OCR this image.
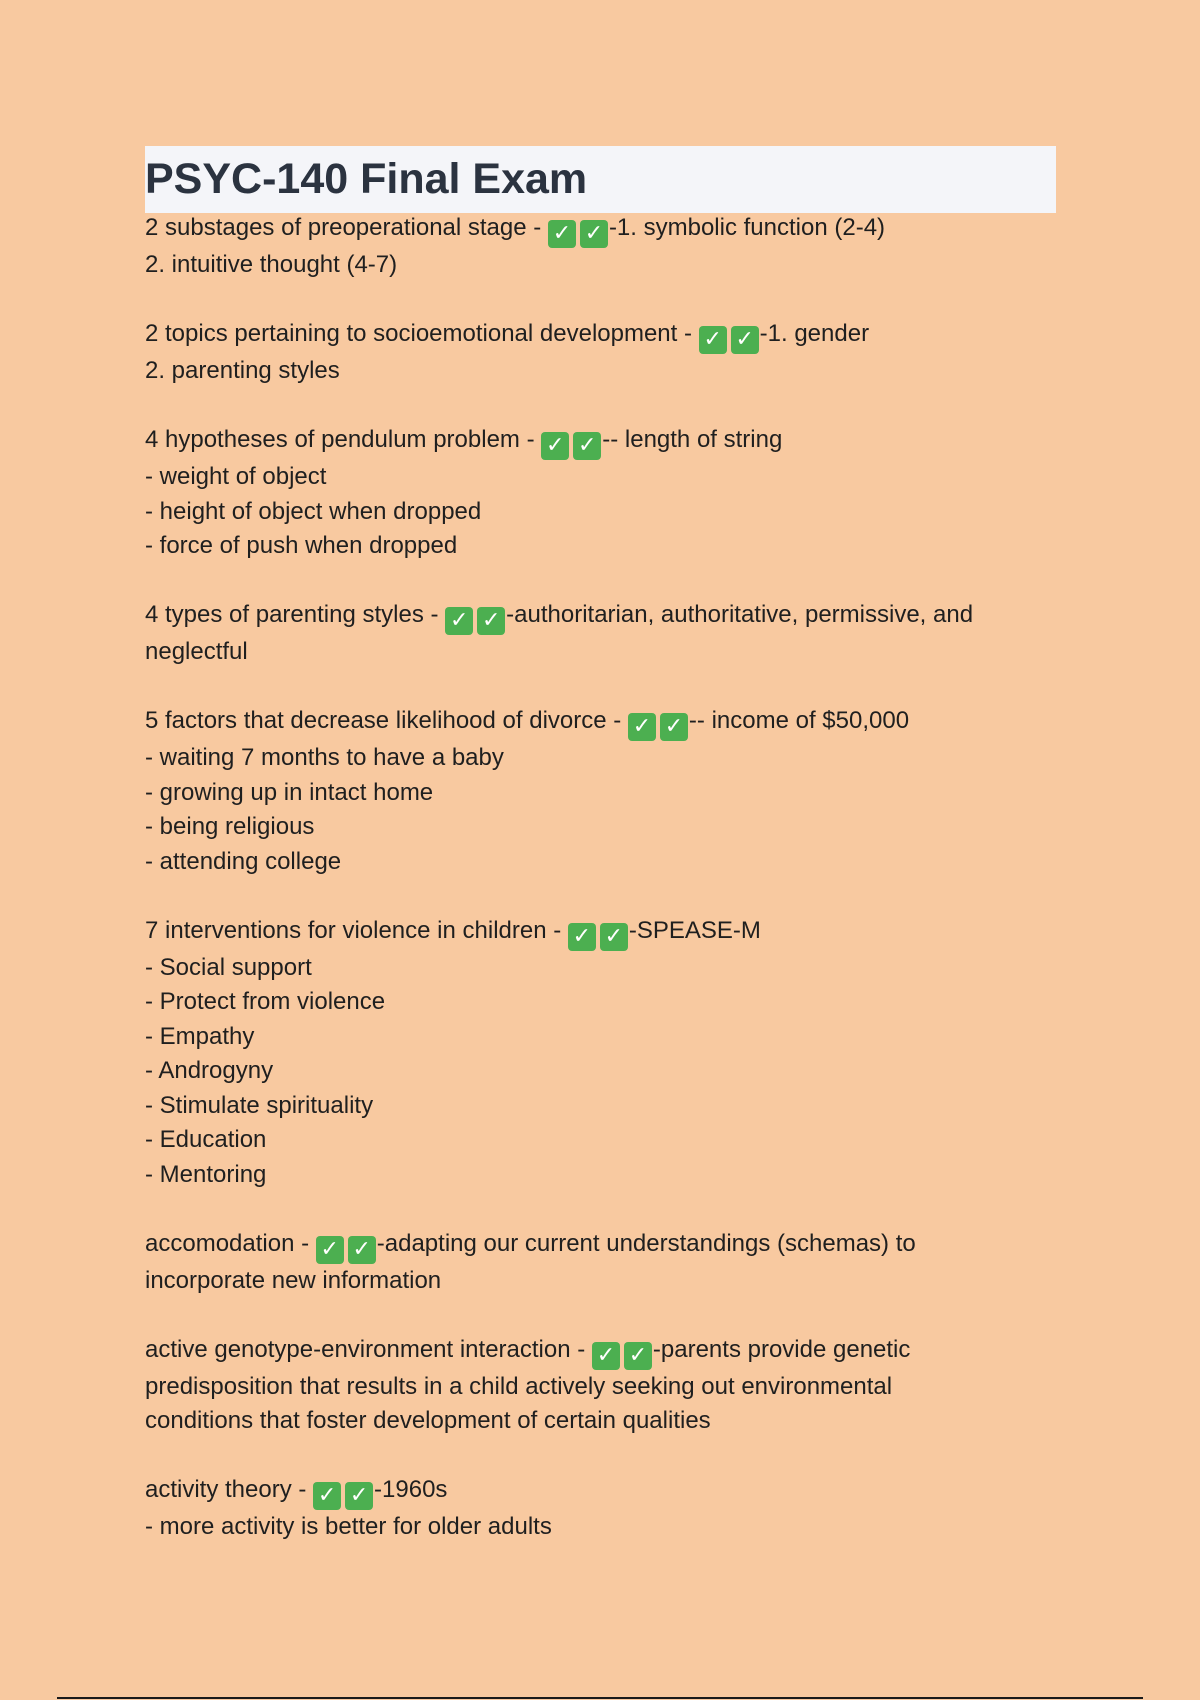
PSYC-140 Final Exam
2 substages of preoperational stage - ✓ ✓ -1. symbolic function (2-4)
2. intuitive thought (4-7)
2 topics pertaining to socioemotional development - ✓ ✓ -1. gender
2. parenting styles
4 hypotheses of pendulum problem - ✓ ✓ -- length of string
- weight of object
- height of object when dropped
- force of push when dropped
4 types of parenting styles - ✓ ✓ -authoritarian, authoritative, permissive, and
neglectful
5 factors that decrease likelihood of divorce - ✓ ✓ -- income of $50,000
- waiting 7 months to have a baby
- growing up in intact home
- being religious
- attending college
7 interventions for violence in children - ✓ ✓ -SPEASE-M
- Social support
- Protect from violence
- Empathy
- Androgyny
- Stimulate spirituality
- Education
- Mentoring
accomodation - ✓ ✓ -adapting our current understandings (schemas) to
incorporate new information
active genotype-environment interaction - ✓ ✓ -parents provide genetic
predisposition that results in a child actively seeking out environmental
conditions that foster development of certain qualities
activity theory - ✓ ✓ -1960s
- more activity is better for older adults
